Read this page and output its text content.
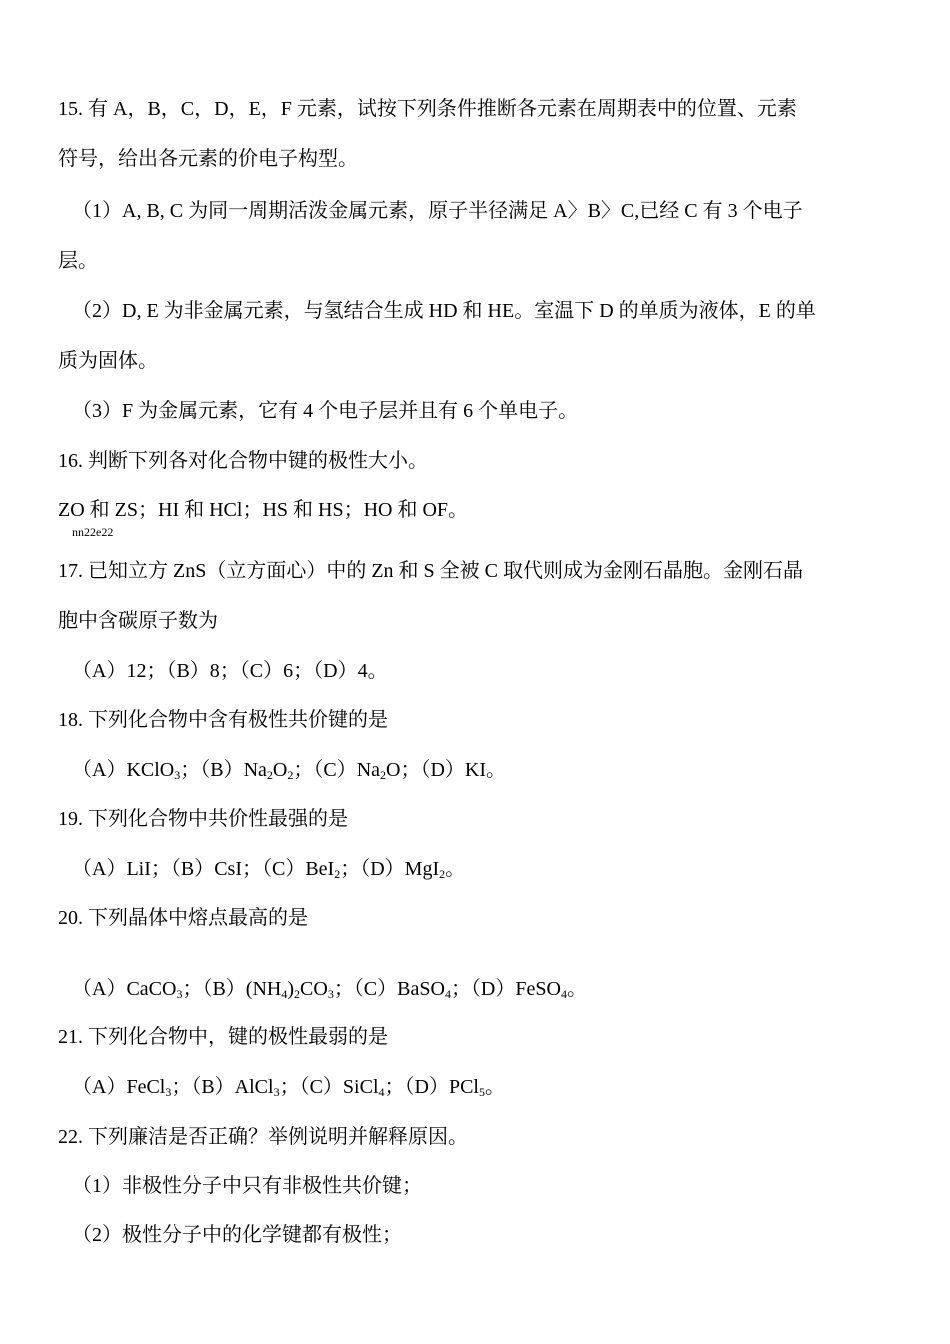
15. 有 A，B，C，D，E，F 元素，试按下列条件推断各元素在周期表中的位置、元素
符号，给出各元素的价电子构型。
（1）A, B, C 为同一周期活泼金属元素，原子半径满足 A〉B〉C,已经 C 有 3 个电子
层。
（2）D, E 为非金属元素，与氢结合生成 HD 和 HE。室温下 D 的单质为液体，E 的单
质为固体。
（3）F 为金属元素，它有 4 个电子层并且有 6 个单电子。
16. 判断下列各对化合物中键的极性大小。
ZO 和 ZS；HI 和 HCl；HS 和 HS；HO 和 OF。
nn22e22
17. 已知立方 ZnS（立方面心）中的 Zn 和 S 全被 C 取代则成为金刚石晶胞。金刚石晶
胞中含碳原子数为
（A）12；（B）8；（C）6；（D）4。
18. 下列化合物中含有极性共价键的是
（A）KClO$_3$；$(B)Na_2O_2$；$(C)Na_2O$；（D）KI。
19. 下列化合物中共价性最强的是
（A）LiI；（B）CsI；（C）BeI$_2$；（D）MgI$_2$。
20. 下列晶体中熔点最高的是
（A）CaCO$_3$；$(B)(NH_4)_2CO_3$；（C）BaSO$_4$；（D）FeSO$_4$。
21. 下列化合物中，键的极性最弱的是
（A）FeCl$_3$；（B）AlCl$_3$；（C）SiCl$_4$；（D）PCl$_5$。
22. 下列廉洁是否正确？举例说明并解释原因。
（1）非极性分子中只有非极性共价键；
（2）极性分子中的化学键都有极性；
